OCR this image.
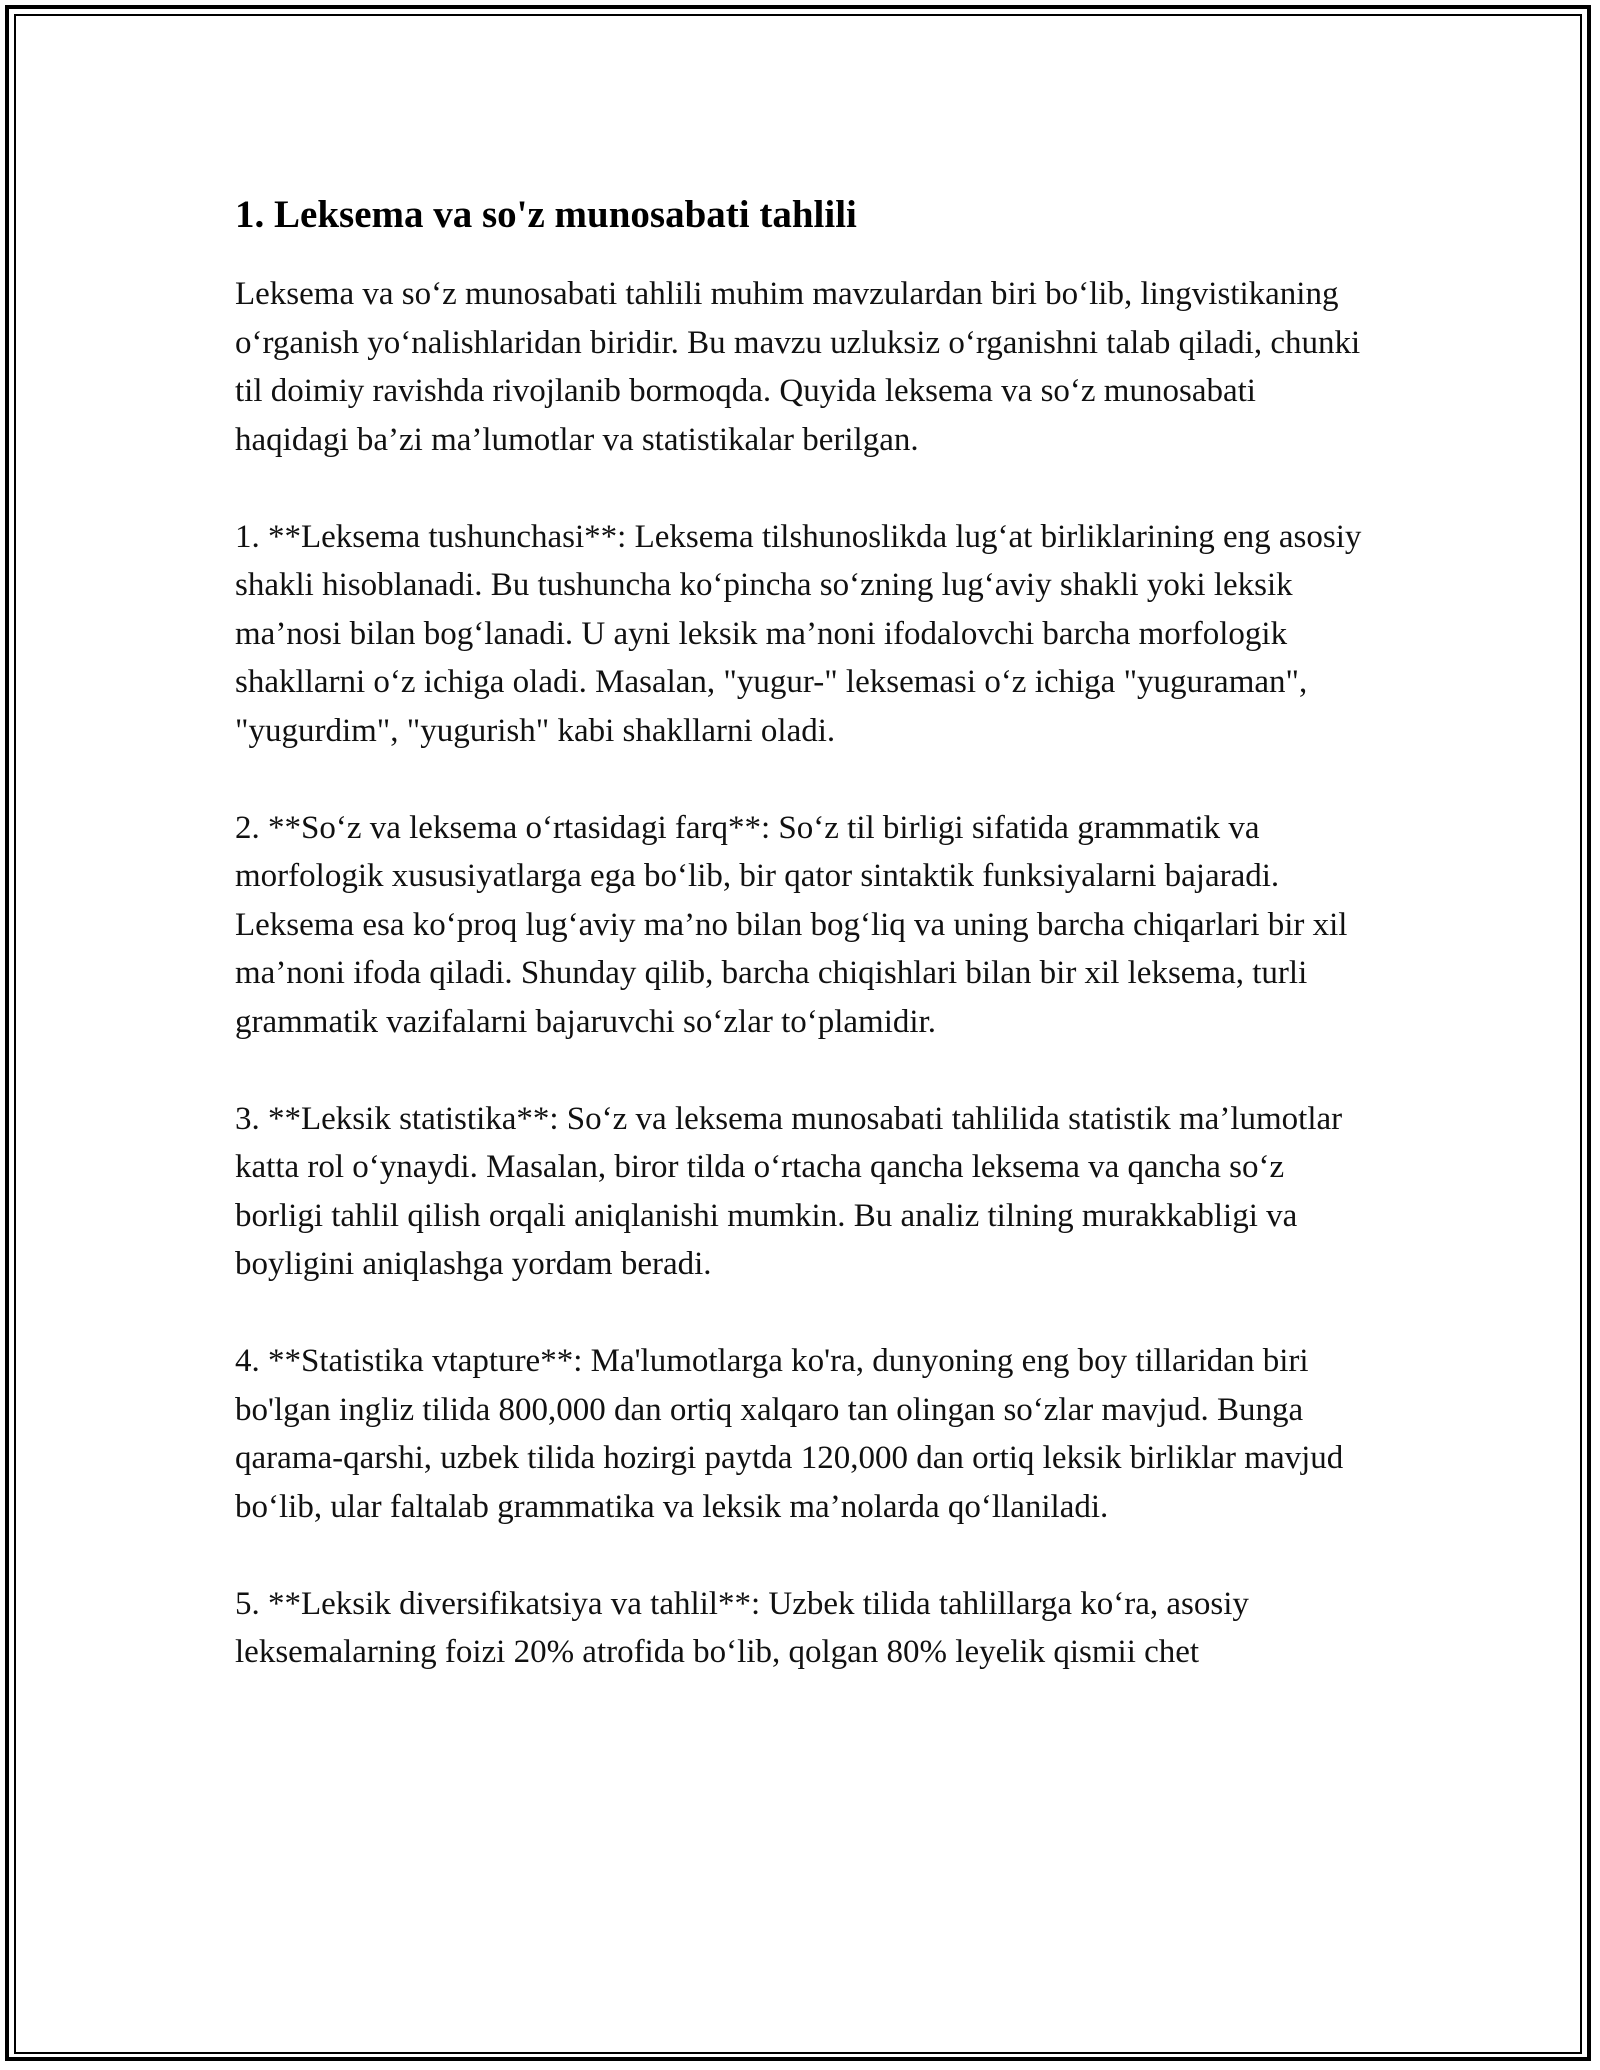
1. Leksema va so'z munosabati tahlili

Leksema va so‘z munosabati tahlili muhim mavzulardan biri bo‘lib, lingvistikaning o‘rganish yo‘nalishlaridan biridir. Bu mavzu uzluksiz o‘rganishni talab qiladi, chunki til doimiy ravishda rivojlanib bormoqda. Quyida leksema va so‘z munosabati haqidagi ba’zi ma’lumotlar va statistikalar berilgan.

1. **Leksema tushunchasi**: Leksema tilshunoslikda lug‘at birliklarining eng asosiy shakli hisoblanadi. Bu tushuncha ko‘pincha so‘zning lug‘aviy shakli yoki leksik ma’nosi bilan bog‘lanadi. U ayni leksik ma’noni ifodalovchi barcha morfologik shakllarni o‘z ichiga oladi. Masalan, "yugur-" leksemasi o‘z ichiga "yuguraman", "yugurdim", "yugurish" kabi shakllarni oladi.

2. **So‘z va leksema o‘rtasidagi farq**: So‘z til birligi sifatida grammatik va morfologik xususiyatlarga ega bo‘lib, bir qator sintaktik funksiyalarni bajaradi. Leksema esa ko‘proq lug‘aviy ma’no bilan bog‘liq va uning barcha chiqarlari bir xil ma’noni ifoda qiladi. Shunday qilib, barcha chiqishlari bilan bir xil leksema, turli grammatik vazifalarni bajaruvchi so‘zlar to‘plamidir.

3. **Leksik statistika**: So‘z va leksema munosabati tahlilida statistik ma’lumotlar katta rol o‘ynaydi. Masalan, biror tilda o‘rtacha qancha leksema va qancha so‘z borligi tahlil qilish orqali aniqlanishi mumkin. Bu analiz tilning murakkabligi va boyligini aniqlashga yordam beradi.

4. **Statistika vtapture**: Ma'lumotlarga ko'ra, dunyoning eng boy tillaridan biri bo'lgan ingliz tilida 800,000 dan ortiq xalqaro tan olingan so‘zlar mavjud. Bunga qarama-qarshi, uzbek tilida hozirgi paytda 120,000 dan ortiq leksik birliklar mavjud bo‘lib, ular faltalab grammatika va leksik ma’nolarda qo‘llaniladi.

5. **Leksik diversifikatsiya va tahlil**: Uzbek tilida tahlillarga ko‘ra, asosiy leksemalarning foizi 20% atrofida bo‘lib, qolgan 80% leyelik qismii chet
